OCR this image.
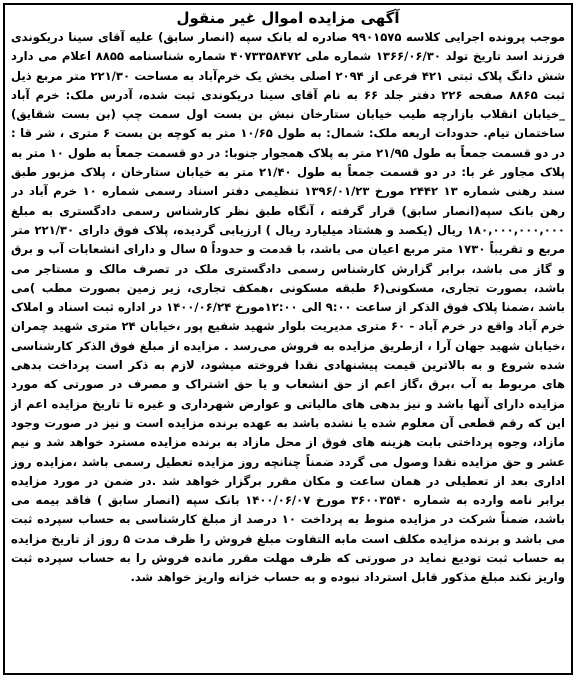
آگهی مزایده اموال غیر منقول

موجب پرونده اجرایی کلاسه ۹۹۰۱۵۷۵ صادره له بانک سپه (انصار سابق) علیه آقای سینا دریکوندی فرزند اسد تاریخ تولد ۱۳۶۶/۰۶/۳۰ شماره ملی ۴۰۷۳۳۵۸۴۷۲ شماره شناسنامه ۸۸۵۵ اعلام می دارد شش دانگ پلاک ثبتی ۴۲۱ فرعی از ۲۰۹۴ اصلی بخش یک خرم‌آباد به مساحت ۲۲۱/۳۰ متر مربع ذیل ثبت ۸۸۶۵ صفحه ۲۲۶ دفتر جلد ۶۶ به نام آقای سینا دریکوندی ثبت شده، آدرس ملک: خرم آباد _خیابان انقلاب بازارچه طیب خیابان ستارخان نبش بن بست اول سمت چپ (بن بست شقایق) ساختمان تیام. حدودات اربعه ملک: شمال: به طول ۱۰/۶۵ متر به کوچه بن بست ۶ متری ، شر قا : در دو قسمت جمعاً به طول ۲۱/۹۵ متر به پلاک همجوار جنوبا: در دو قسمت جمعاً به طول ۱۰ متر به پلاک مجاور غر با: در دو قسمت جمعاً به طول ۲۱/۴۰ متر به خیابان ستارخان ، پلاک مزبور طبق سند رهنی شماره ۱۳ ۲۴۴۲ مورخ ۱۳۹۶/۰۱/۲۳ تنظیمی دفتر اسناد رسمی شماره ۱۰ خرم آباد در رهن بانک سپه(انصار سابق) قرار گرفته ، آنگاه طبق نظر کارشناس رسمی دادگستری به مبلغ ۱۸۰,۰۰۰,۰۰۰,۰۰۰ ریال (یکصد و هشتاد میلیارد ریال ) ارزیابی گردیده، پلاک فوق دارای ۲۲۱/۳۰ متر مربع و تقریباً ۱۷۳۰ متر مربع اعیان می باشد، با قدمت و حدوداً ۵ سال و دارای انشعابات آب و برق و گاز می باشد، برابر گزارش کارشناس رسمی دادگستری ملک در تصرف مالک و مستاجر می باشد، بصورت تجاری، مسکونی(۶ طبقه مسکونی ،همکف تجاری، زیر زمین بصورت مطب )می باشد ،ضمنا پلاک فوق الذکر از ساعت ۹:۰۰ الی ۱۲:۰۰مورخ ۱۴۰۰/۰۶/۲۴ در اداره ثبت اسناد و املاک خرم آباد واقع در خرم آباد - ۶۰ متری مدیریت بلوار شهید شفیع پور ،خیابان ۲۴ متری شهید چمران ،خیابان شهید جهان آرا ، ازطریق مزایده به فروش می‌رسد . مزایده از مبلغ فوق الذکر کارشناسی شده شروع و به بالاترین قیمت پیشنهادی نقدا فروخته میشود، لازم به ذکر است پرداخت بدهی های مربوط به آب ،برق ،گاز اعم از حق انشعاب و یا حق اشتراک و مصرف در صورتی که مورد مزایده دارای آنها باشد و نیز بدهی های مالیاتی و عوارض شهرداری و غیره تا تاریخ مزایده اعم از این که رقم قطعی آن معلوم شده یا نشده باشد به عهده برنده مزایده است و نیز در صورت وجود مازاد، وجوه پرداختی بابت هزینه های فوق از محل مازاد به برنده مزایده مسترد خواهد شد و نیم عشر و حق مزایده نقدا وصول می گردد ضمناً چنانچه روز مزایده تعطیل رسمی باشد ،مزایده روز اداری بعد از تعطیلی در همان ساعت و مکان مقرر برگزار خواهد شد .در ضمن در مورد مزایده برابر نامه وارده به شماره ۳۶۰۰۳۵۴۰ مورخ ۱۴۰۰/۰۶/۰۷ بانک سپه (انصار سابق ) فاقد بیمه می باشد، ضمناً شرکت در مزایده منوط به پرداخت ۱۰ درصد از مبلغ کارشناسی به حساب سپرده ثبت می باشد و برنده مزایده مکلف است مابه التفاوت مبلغ فروش را ظرف مدت ۵ روز از تاریخ مزایده به حساب ثبت تودیع نماید در صورتی که ظرف مهلت مقرر مانده فروش را به حساب سپرده ثبت واریز نکند مبلغ مذکور قابل استرداد نبوده و به حساب خزانه واریز خواهد شد.
